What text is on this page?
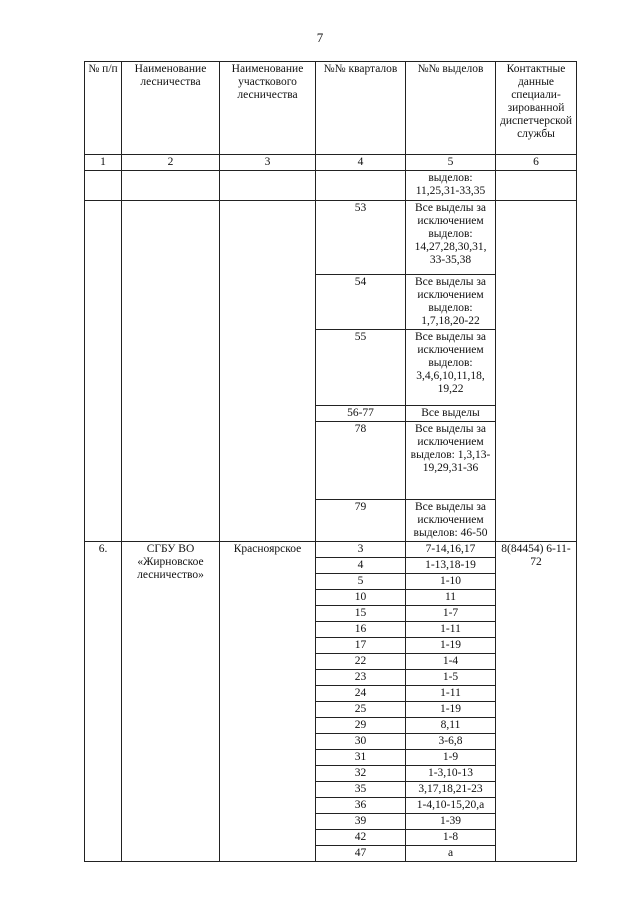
7
№ п/п	Наименование лесничества	Наименование участкового лесничества	№№ кварталов	№№ выделов	Контактные данные специали-зированной диспетчерской службы
1	2	3	4	5	6
				выделов: 11,25,31-33,35	
			53	Все выделы за исключением выделов: 14,27,28,30,31, 33-35,38	
			54	Все выделы за исключением выделов: 1,7,18,20-22	
			55	Все выделы за исключением выделов: 3,4,6,10,11,18, 19,22	
			56-77	Все выделы	
			78	Все выделы за исключением выделов: 1,3,13- 19,29,31-36	
			79	Все выделы за исключением выделов: 46-50	
6.	СГБУ ВО «Жирновское лесничество»	Красноярское	3	7-14,16,17	8(84454) 6-11-72
			4	1-13,18-19	
			5	1-10	
			10	11	
			15	1-7	
			16	1-11	
			17	1-19	
			22	1-4	
			23	1-5	
			24	1-11	
			25	1-19	
			29	8,11	
			30	3-6,8	
			31	1-9	
			32	1-3,10-13	
			35	3,17,18,21-23	
			36	1-4,10-15,20,а	
			39	1-39	
			42	1-8	
			47	а	
